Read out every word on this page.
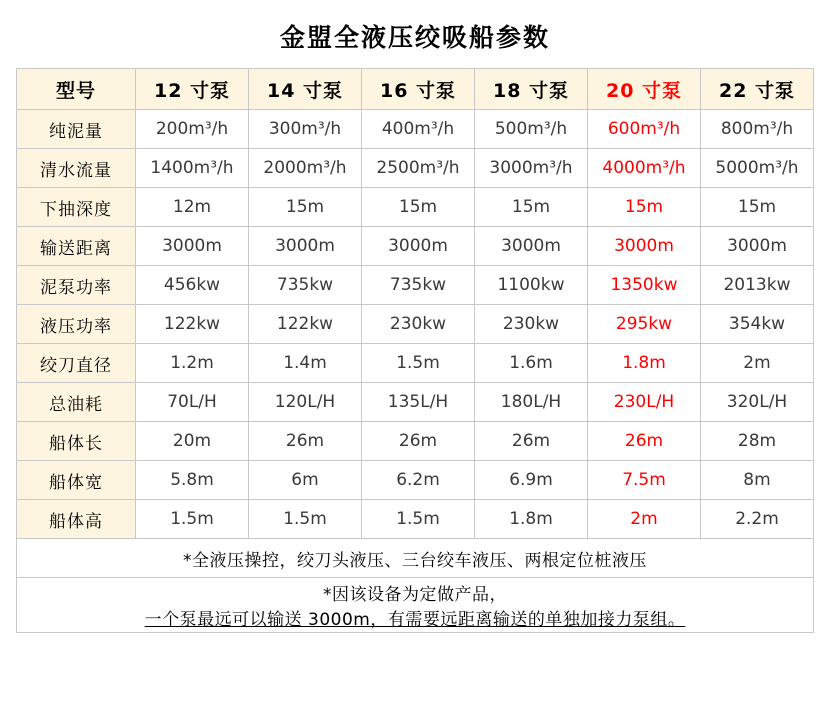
金盟全液压绞吸船参数
型号	12 寸泵	14 寸泵	16 寸泵	18 寸泵	20 寸泵	22 寸泵
纯泥量	200m³/h	300m³/h	400m³/h	500m³/h	600m³/h	800m³/h
清水流量	1400m³/h	2000m³/h	2500m³/h	3000m³/h	4000m³/h	5000m³/h
下抽深度	12m	15m	15m	15m	15m	15m
输送距离	3000m	3000m	3000m	3000m	3000m	3000m
泥泵功率	456kw	735kw	735kw	1100kw	1350kw	2013kw
液压功率	122kw	122kw	230kw	230kw	295kw	354kw
绞刀直径	1.2m	1.4m	1.5m	1.6m	1.8m	2m
总油耗	70L/H	120L/H	135L/H	180L/H	230L/H	320L/H
船体长	20m	26m	26m	26m	26m	28m
船体宽	5.8m	6m	6.2m	6.9m	7.5m	8m
船体高	1.5m	1.5m	1.5m	1.8m	2m	2.2m
*全液压操控，绞刀头液压、三台绞车液压、两根定位桩液压						

*因该设备为定做产品，
一个泵最远可以输送 3000m，有需要远距离输送的单独加接力泵组。						
